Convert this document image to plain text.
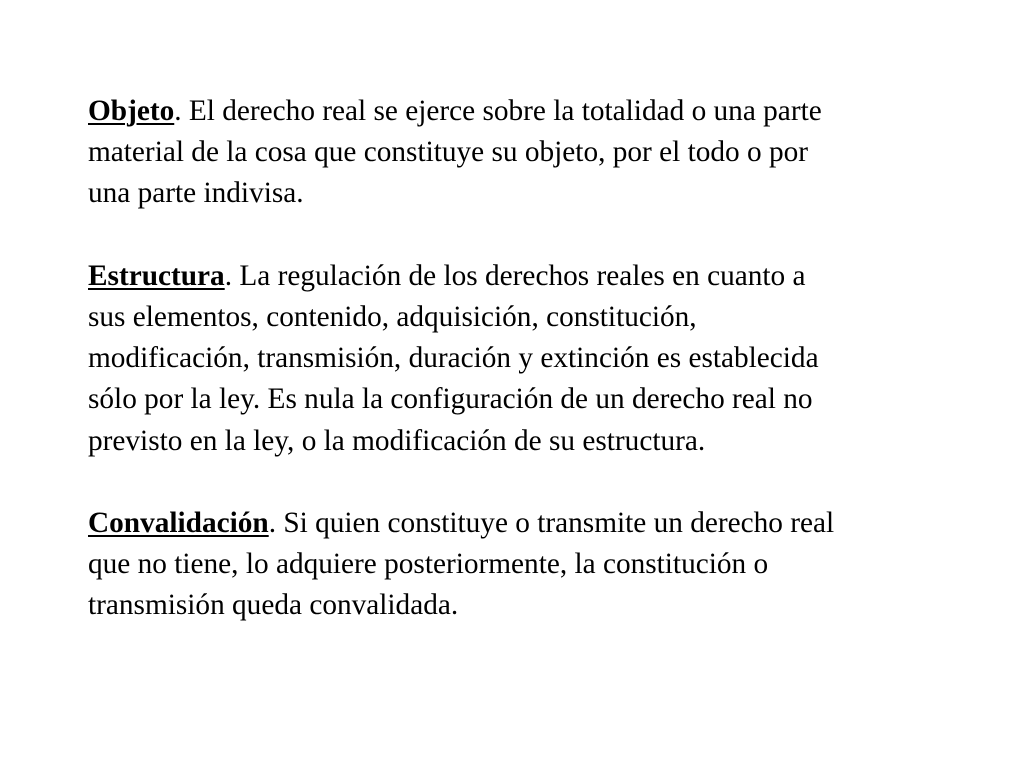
Objeto. El derecho real se ejerce sobre la totalidad o una parte
material de la cosa que constituye su objeto, por el todo o por
una parte indivisa.

Estructura. La regulación de los derechos reales en cuanto a
sus elementos, contenido, adquisición, constitución,
modificación, transmisión, duración y extinción es establecida
sólo por la ley. Es nula la configuración de un derecho real no
previsto en la ley, o la modificación de su estructura.

Convalidación. Si quien constituye o transmite un derecho real
que no tiene, lo adquiere posteriormente, la constitución o
transmisión queda convalidada.
